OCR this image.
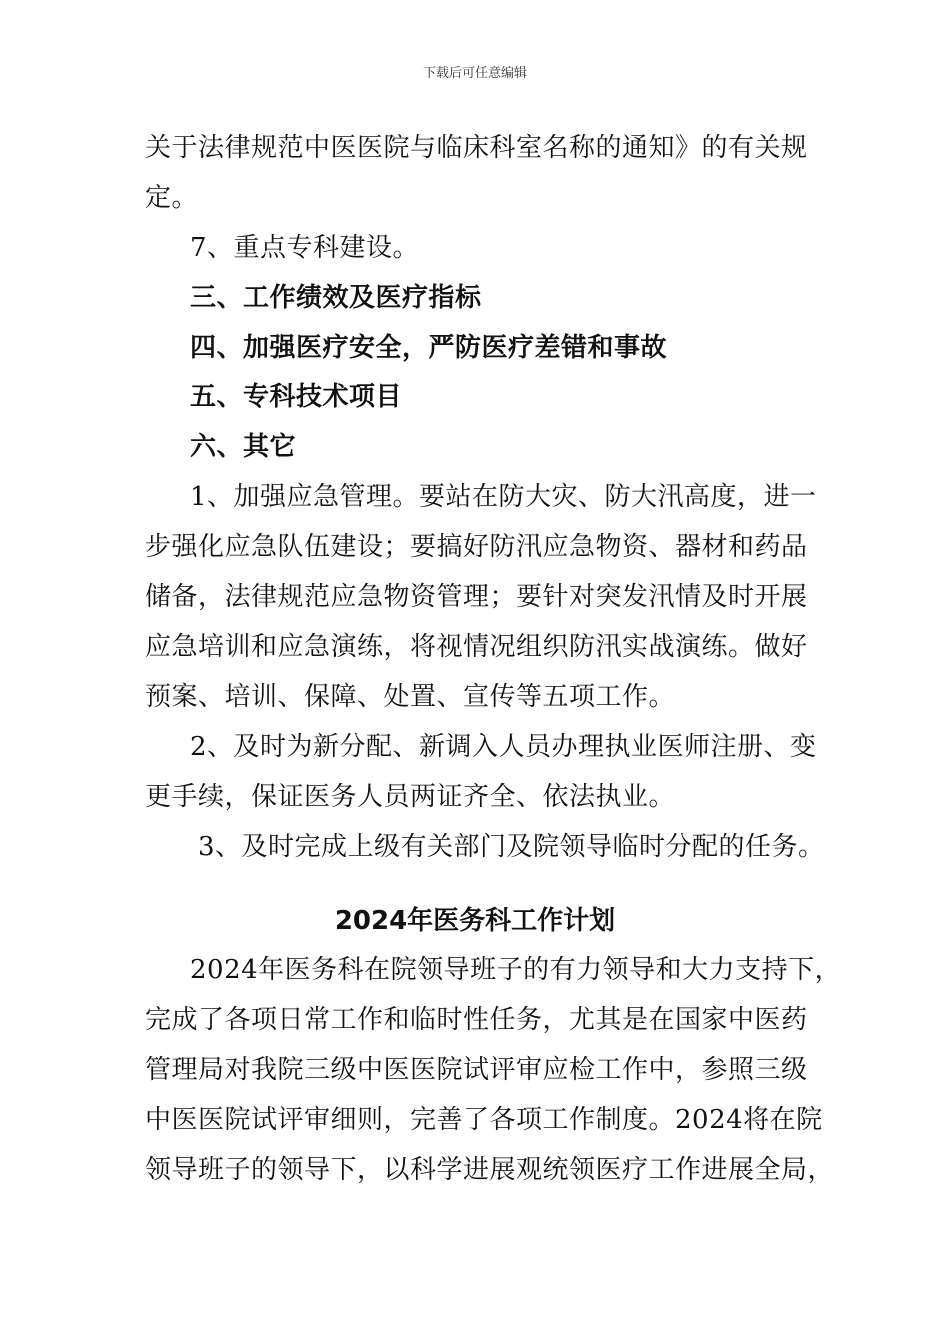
下载后可任意编辑
关于法律规范中医医院与临床科室名称的通知》的有关规
定。
7、重点专科建设。
三、工作绩效及医疗指标
四、加强医疗安全，严防医疗差错和事故
五、专科技术项目
六、其它
1、加强应急管理。要站在防大灾、防大汛高度，进一
步强化应急队伍建设；要搞好防汛应急物资、器材和药品
储备，法律规范应急物资管理；要针对突发汛情及时开展
应急培训和应急演练，将视情况组织防汛实战演练。做好
预案、培训、保障、处置、宣传等五项工作。
2、及时为新分配、新调入人员办理执业医师注册、变
更手续，保证医务人员两证齐全、依法执业。
3、及时完成上级有关部门及院领导临时分配的任务。
2024年医务科工作计划
2024年医务科在院领导班子的有力领导和大力支持下，
完成了各项日常工作和临时性任务，尤其是在国家中医药
管理局对我院三级中医医院试评审应检工作中，参照三级
中医医院试评审细则，完善了各项工作制度。2024将在院
领导班子的领导下，以科学进展观统领医疗工作进展全局，
